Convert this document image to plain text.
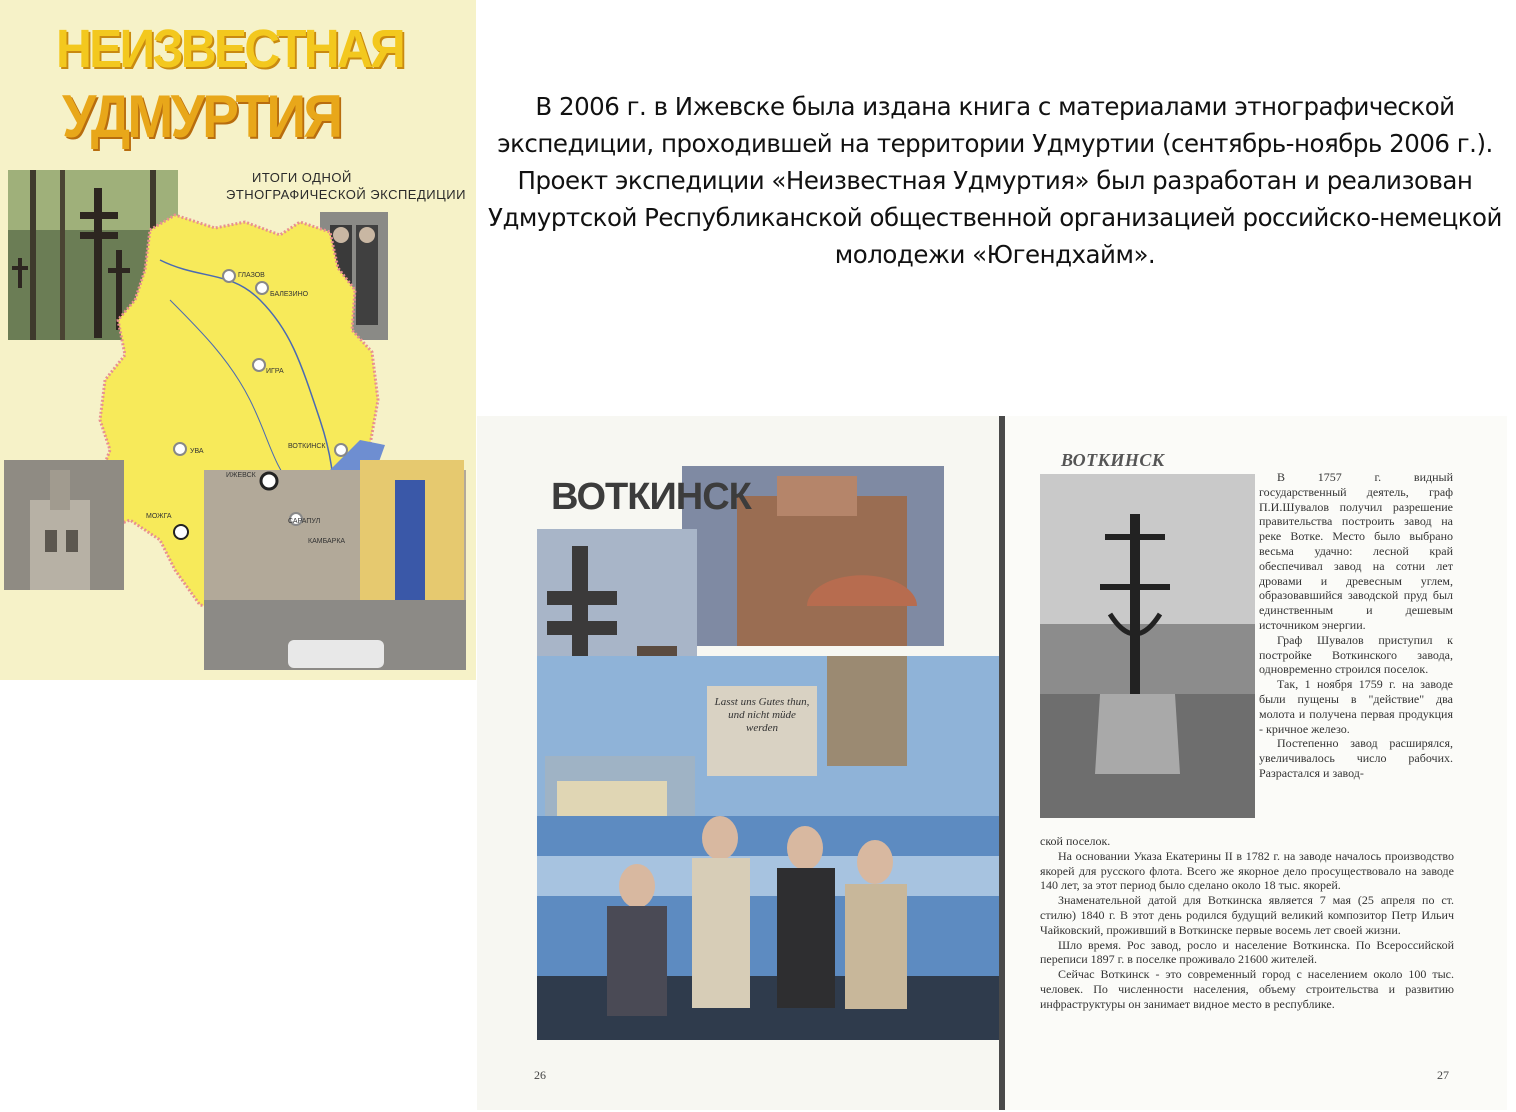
НЕИЗВЕСТНАЯ
УДМУРТИЯ
ИТОГИ ОДНОЙ
ЭТНОГРАФИЧЕСКОЙ ЭКСПЕДИЦИИ
ГЛАЗОВ
БАЛЕЗИНО
ИГРА
УВА
ВОТКИНСК
ИЖЕВСК
САРАПУЛ
КАМБАРКА
МОЖГА

В 2006 г. в Ижевске была издана книга с материалами этнографической экспедиции, проходившей на территории Удмуртии (сентябрь-ноябрь 2006 г.).

Проект экспедиции «Неизвестная Удмуртия» был разработан и реализован Удмуртской Республиканской общественной организацией российско-немецкой молодежи «Югендхайм».

Lasst uns Gutes thun, und nicht müde werden
ВОТКИНСК
26
ВОТКИНСК

В 1757 г. видный государственный деятель, граф П.И.Шувалов получил разрешение правительства построить завод на реке Вотке. Место было выбрано весьма удачно: лесной край обеспечивал завод на сотни лет дровами и древесным углем, образовавшийся заводской пруд был единственным и дешевым источником энергии.

Граф Шувалов приступил к постройке Воткинского завода, одновременно строился поселок.

Так, 1 ноября 1759 г. на заводе были пущены в "действие" два молота и получена первая продукция - кричное железо.

Постепенно завод расширялся, увеличивалось число рабочих. Разрастался и завод-

ской поселок.

На основании Указа Екатерины II в 1782 г. на заводе началось производство якорей для русского флота. Всего же якорное дело просуществовало на заводе 140 лет, за этот период было сделано около 18 тыс. якорей.

Знаменательной датой для Воткинска является 7 мая (25 апреля по ст. стилю) 1840 г. В этот день родился будущий великий композитор Петр Ильич Чайковский, проживший в Воткинске первые восемь лет своей жизни.

Шло время. Рос завод, росло и население Воткинска. По Всероссийской переписи 1897 г. в поселке проживало 21600 жителей.

Сейчас Воткинск - это современный город с населением около 100 тыс. человек. По численности населения, объему строительства и развитию инфраструктуры он занимает видное место в республике.

27
